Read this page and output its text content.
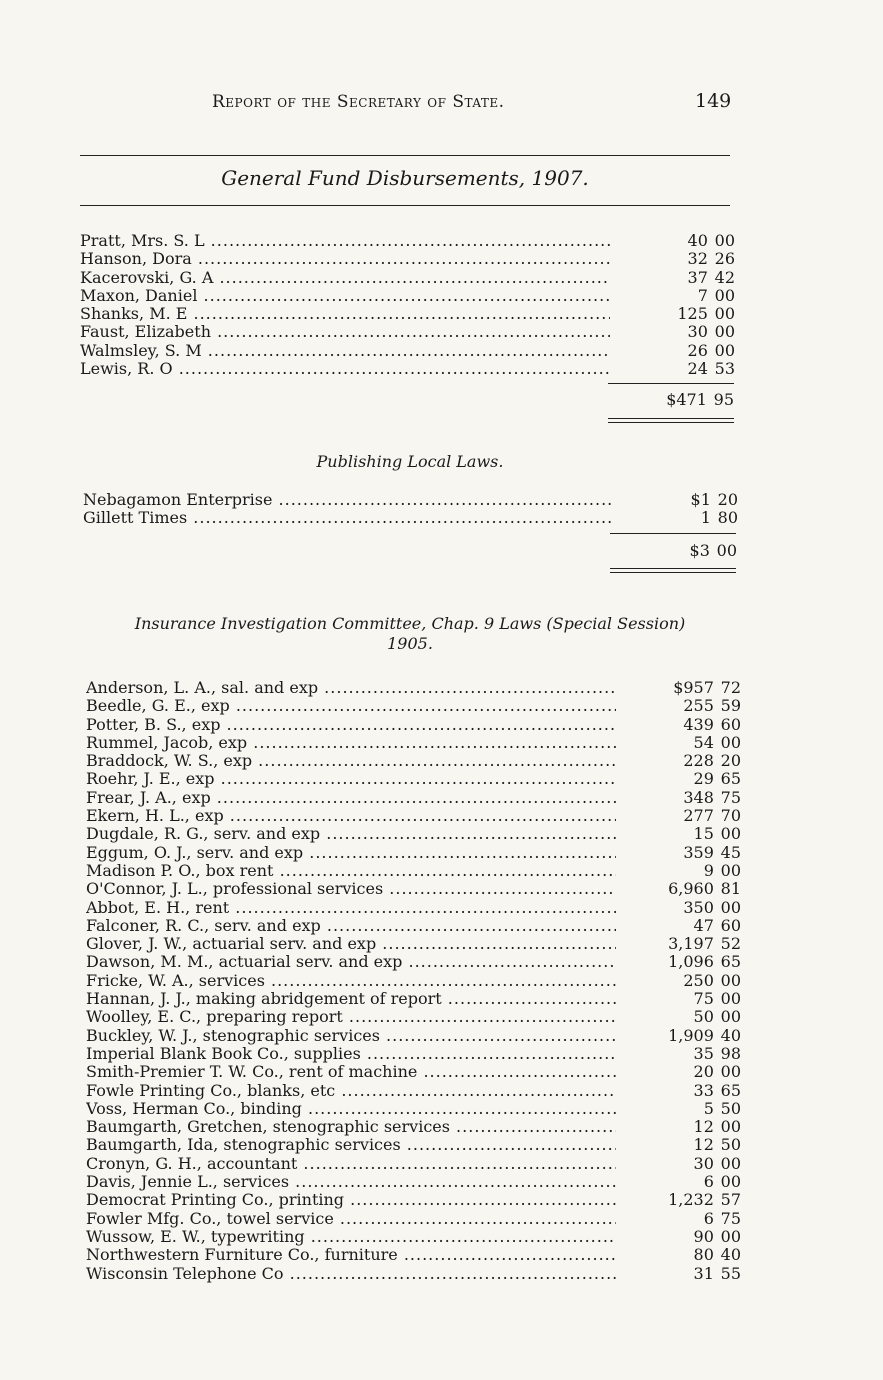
Report of the Secretary of State.	149
General Fund Disbursements, 1907.
Pratt, Mrs. S. L .....	40 00
Hanson, Dora .....	32 26
Kacerovski, G. A .....	37 42
Maxon, Daniel .....	7 00
Shanks, M. E .....	125 00
Faust, Elizabeth .....	30 00
Walmsley, S. M .....	26 00
Lewis, R. O .....	24 53
$471 95
Publishing Local Laws.
Nebagamon Enterprise .....	$1 20
Gillett Times .....	1 80
$3 00
Insurance Investigation Committee, Chap. 9 Laws (Special Session)
1905.
Anderson, L. A., sal. and exp .....	$957 72
Beedle, G. E., exp .....	255 59
Potter, B. S., exp .....	439 60
Rummel, Jacob, exp .....	54 00
Braddock, W. S., exp .....	228 20
Roehr, J. E., exp .....	29 65
Frear, J. A., exp .....	348 75
Ekern, H. L., exp .....	277 70
Dugdale, R. G., serv. and exp .....	15 00
Eggum, O. J., serv. and exp .....	359 45
Madison P. O., box rent .....	9 00
O'Connor, J. L., professional services .....	6,960 81
Abbot, E. H., rent .....	350 00
Falconer, R. C., serv. and exp .....	47 60
Glover, J. W., actuarial serv. and exp .....	3,197 52
Dawson, M. M., actuarial serv. and exp .....	1,096 65
Fricke, W. A., services .....	250 00
Hannan, J. J., making abridgement of report .....	75 00
Woolley, E. C., preparing report .....	50 00
Buckley, W. J., stenographic services .....	1,909 40
Imperial Blank Book Co., supplies .....	35 98
Smith-Premier T. W. Co., rent of machine .....	20 00
Fowle Printing Co., blanks, etc .....	33 65
Voss, Herman Co., binding .....	5 50
Baumgarth, Gretchen, stenographic services .....	12 00
Baumgarth, Ida, stenographic services .....	12 50
Cronyn, G. H., accountant .....	30 00
Davis, Jennie L., services .....	6 00
Democrat Printing Co., printing .....	1,232 57
Fowler Mfg. Co., towel service .....	6 75
Wussow, E. W., typewriting .....	90 00
Northwestern Furniture Co., furniture .....	80 40
Wisconsin Telephone Co .....	31 55
